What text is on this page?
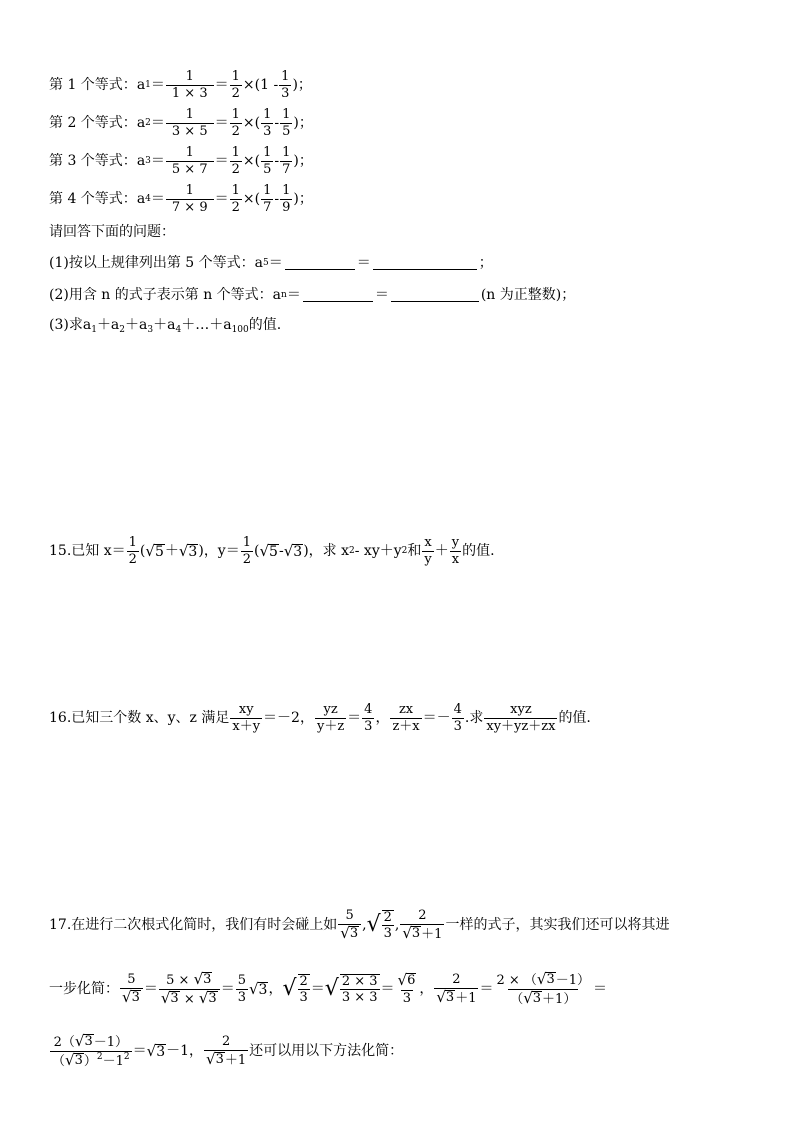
第 1 个等式： a $1 = \frac{1}{1 \times 3} = \frac{1}{2} \times(1 - \frac{1}{3}$ )；
第 2 个等式： a $2 = \frac{1}{3 \times 5} = \frac{1}{2}$ ×( $\frac{1}{3} - \frac{1}{5}$ )；
第 3 个等式： a $3 = \frac{1}{5 \times 7} = \frac{1}{2}$ ×( $\frac{1}{5} - \frac{1}{7}$ )；
第 4 个等式： a $4 = \frac{1}{7 \times 9} = \frac{1}{2}$ ×( $\frac{1}{7} - \frac{1}{9}$ )；
请回答下面的问题：
(1)按以上规律列出第 5 个等式： a 5 ＝	＝	；
(2)用含 n 的式子表示第 n 个等式： a n ＝	＝	(n 为正整数)；
(3)求 $a_1+a_2+a_3+a_4+\dots+a_{100}$ 的值.
15.已知 $x= \frac{1}{2}$ ( √ 5 ＋ √ 3 ) ，$y= \frac{1}{2}$ ( √ 5 - √ 3 ) ，求 x 2 - xy＋y 2 和 $\frac{x}{y} + \frac{y}{x}$ 的值.
16.已知三个数 x、y、z 满足 $\frac{xy}{x+y} =-2$， $\frac{yz}{y+z} = \frac{4}{3}$ ， $\frac{zx}{z+x} =- \frac{4}{3}$ .求 $\frac{\text{xyz}}{xy+yz+zx}$ 的值.
17.在进行二次根式化简时，我们有时会碰上如 $\frac{5}{√ 3}$ , √ $\frac{2}{3}$ , $\frac{2}{√ 3 +1}$ 一样的式子，其实我们还可以将其进
一步化简： $\frac{5}{√ 3} = \frac{5 \times √ 3}{√ 3 \times √ 3} = \frac{5}{3}$ √ 3 ， √ $\frac{2}{3}$ ＝ √ $\frac{2 \times 3}{3 \times 3} = \frac{√ 6}{3}$ ， $\frac{2}{√ 3 +1} = \frac{2 \times ( √ 3 -1)}{( √ 3 +1)}$ ＝
$\frac{2( √ 3 -1)}{( √ 3 )^2-1^2}$ ＝ √ 3 －1， $\frac{2}{√ 3 +1}$ 还可以用以下方法化简：
